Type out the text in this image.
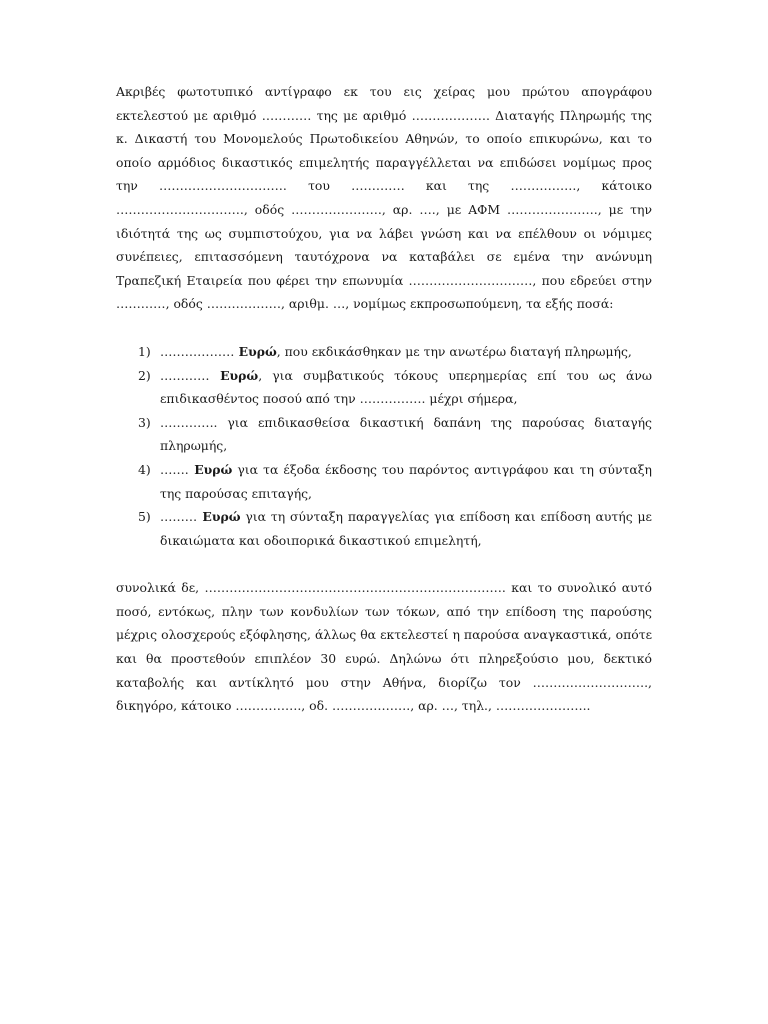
Ακριβές φωτοτυπικό αντίγραφο εκ του εις χείρας μου πρώτου απογράφου εκτελεστού με αριθμό ………… της με αριθμό ………………. Διαταγής Πληρωμής της κ. Δικαστή του Μονομελούς Πρωτοδικείου Αθηνών, το οποίο επικυρώνω, και το οποίο αρμόδιος δικαστικός επιμελητής παραγγέλλεται να επιδώσει νομίμως προς την …………………………. του …………. και της ……………., κάτοικο …………………………., οδός …………………., αρ. …., με ΑΦΜ …………………., με την ιδιότητά της ως συμπιστούχου, για να λάβει γνώση και να επέλθουν οι νόμιμες συνέπειες, επιτασσόμενη ταυτόχρονα να καταβάλει σε εμένα την ανώνυμη Τραπεζική Εταιρεία που φέρει την επωνυμία …………………………, που εδρεύει στην …………, οδός ………………, αριθμ. …, νομίμως εκπροσωπούμενη, τα εξής ποσά:

1) ……………… Ευρώ, που εκδικάσθηκαν με την ανωτέρω διαταγή πληρωμής,
2) ………… Ευρώ, για συμβατικούς τόκους υπερημερίας επί του ως άνω επιδικασθέντος ποσού από την ……………. μέχρι σήμερα,
3) ………….. για επιδικασθείσα δικαστική δαπάνη της παρούσας διαταγής πληρωμής,
4) ……. Ευρώ για τα έξοδα έκδοσης του παρόντος αντιγράφου και τη σύνταξη της παρούσας επιταγής,
5) ……… Ευρώ για τη σύνταξη παραγγελίας για επίδοση και επίδοση αυτής με δικαιώματα και οδοιπορικά δικαστικού επιμελητή,

συνολικά δε, ………………………………………………………………. και το συνολικό αυτό ποσό, εντόκως, πλην των κονδυλίων των τόκων, από την επίδοση της παρούσης μέχρις ολοσχερούς εξόφλησης, άλλως θα εκτελεστεί η παρούσα αναγκαστικά, οπότε και θα προστεθούν επιπλέον 30 ευρώ. Δηλώνω ότι πληρεξούσιο μου, δεκτικό καταβολής και αντίκλητό μου στην Αθήνα, διορίζω τον ………………………., δικηγόρο, κάτοικο ……………., οδ. ………………., αρ. …, τηλ., …………………..
